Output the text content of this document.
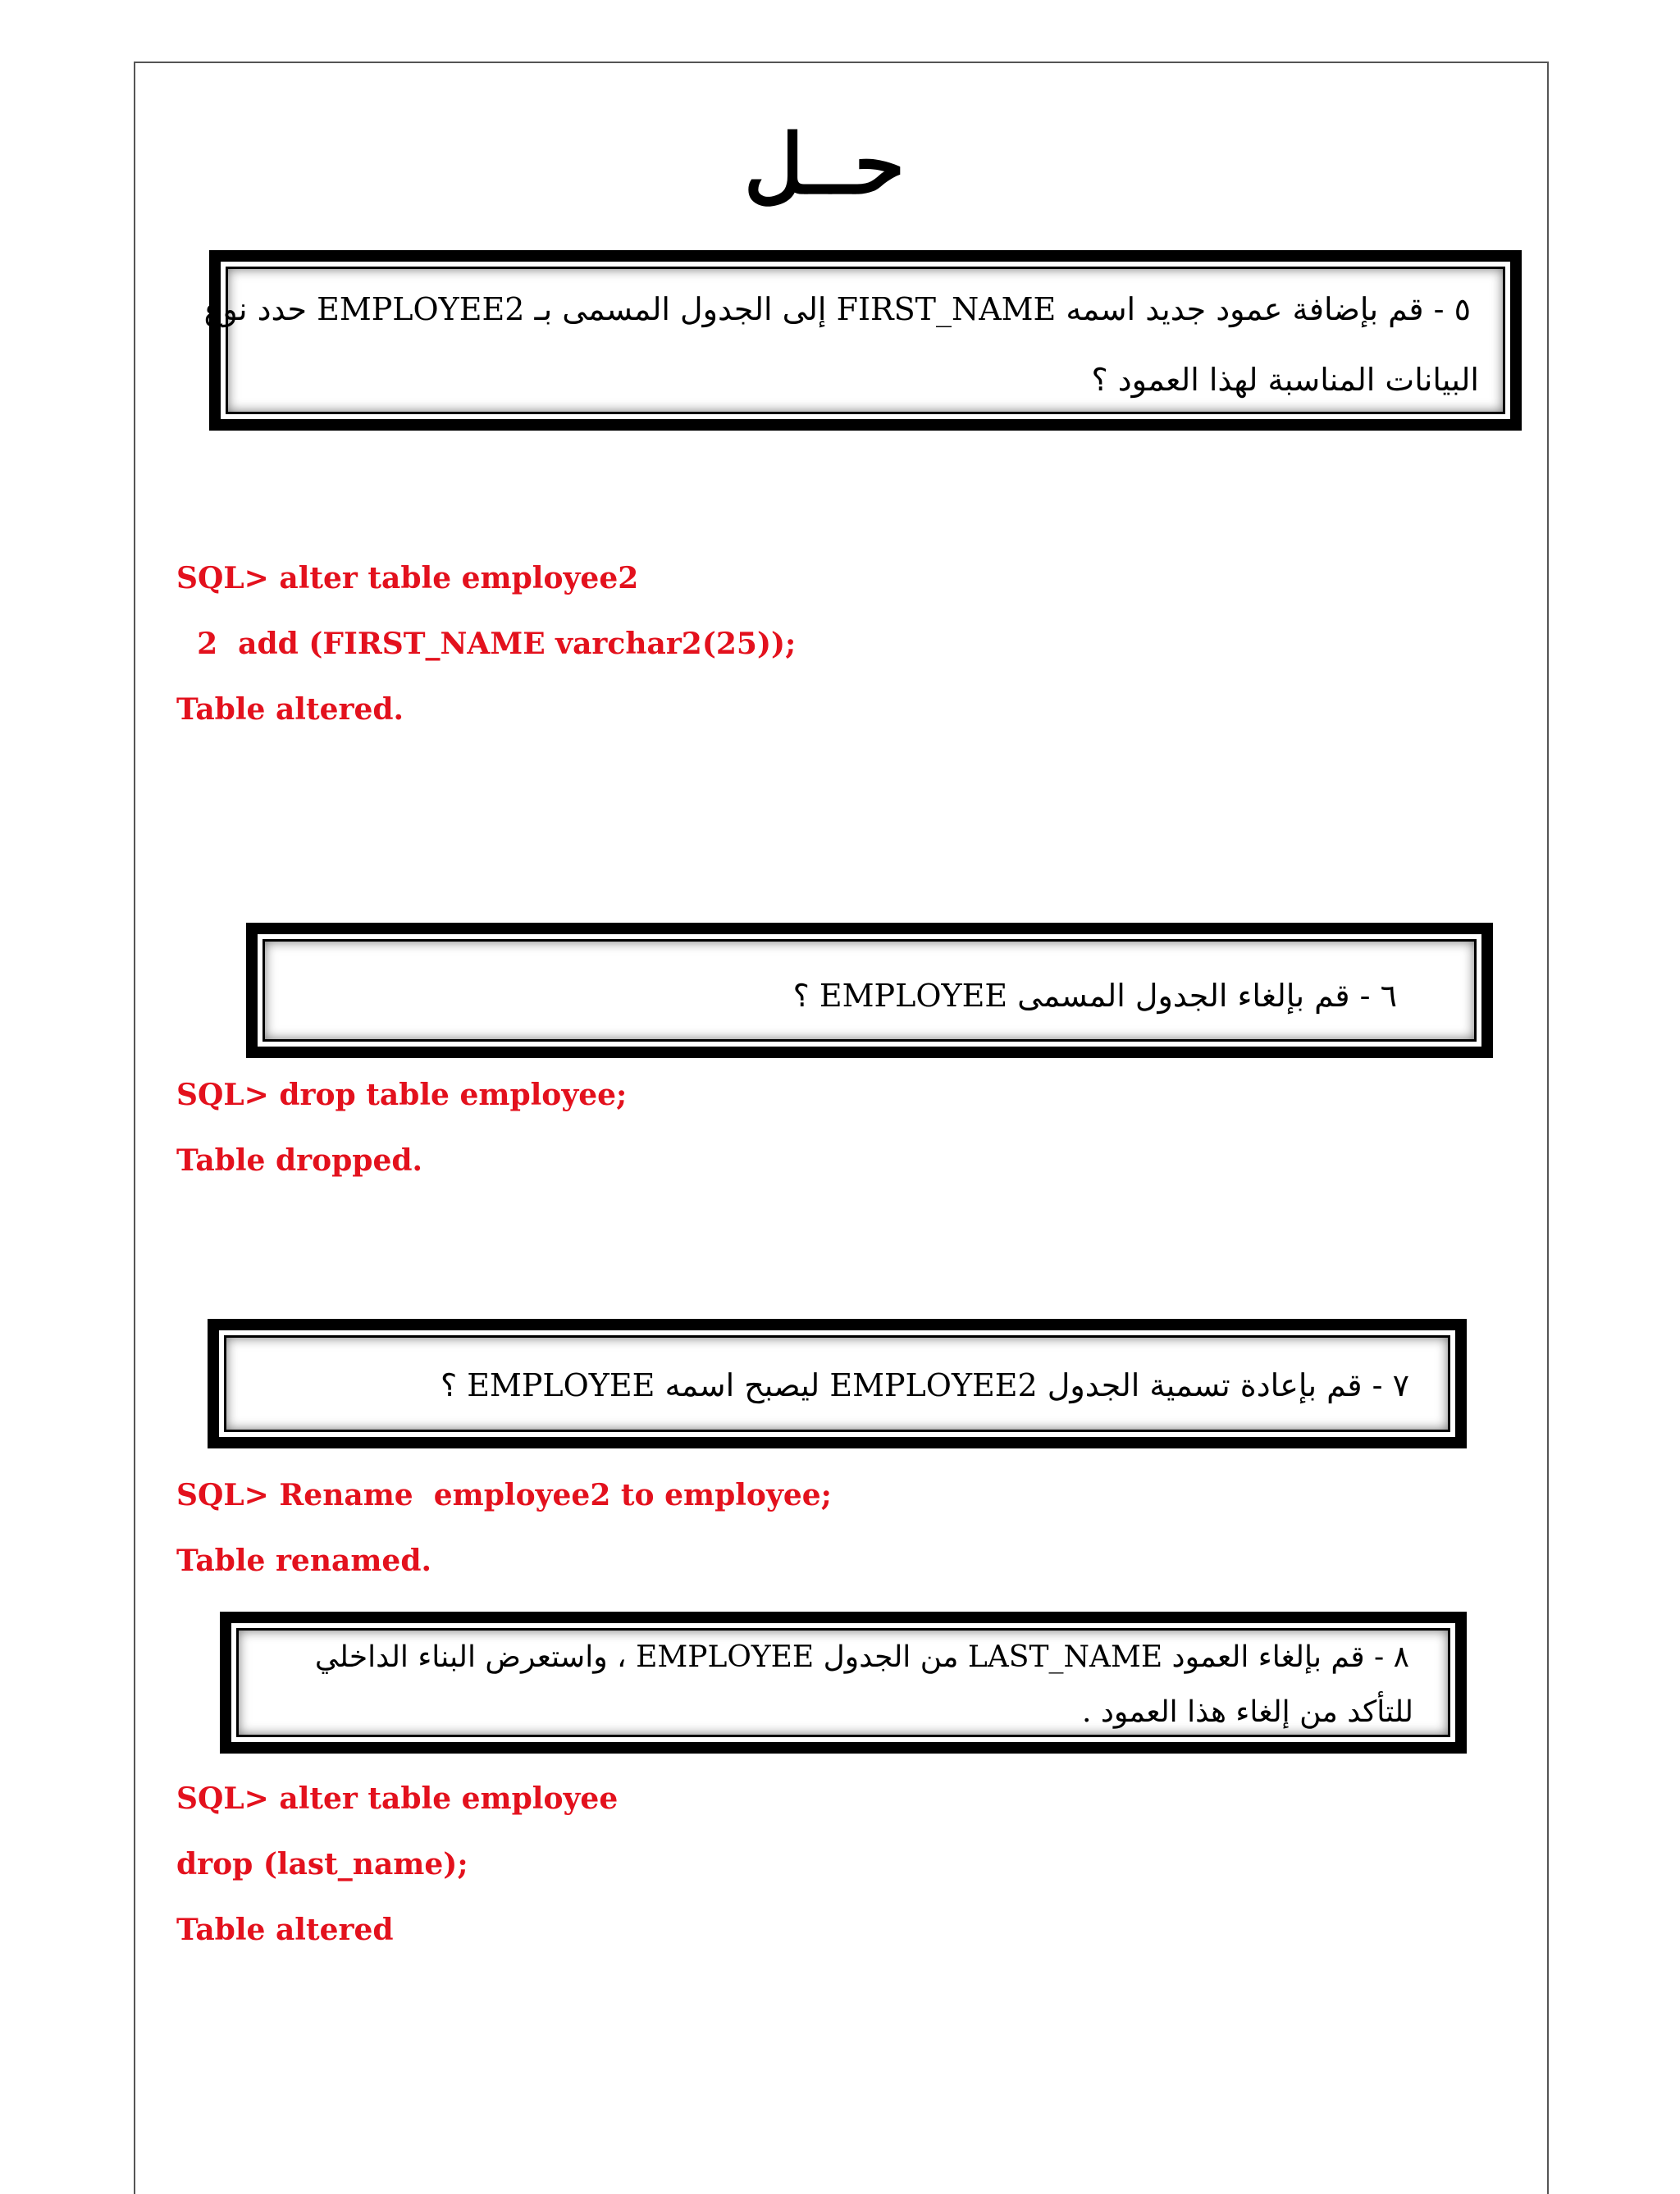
حــل
٥ - قم بإضافة عمود جديد اسمه FIRST_NAME إلى الجدول المسمى بـ EMPLOYEE2 حدد نوع
البيانات المناسبة لهذا العمود ؟
SQL> alter table employee2
2  add (FIRST_NAME varchar2(25));
Table altered.
٦ - قم بإلغاء الجدول المسمى EMPLOYEE ؟
SQL> drop table employee;
Table dropped.
٧ - قم بإعادة تسمية الجدول EMPLOYEE2 ليصبح اسمه EMPLOYEE ؟
SQL> Rename  employee2 to employee;
Table renamed.
٨ - قم بإلغاء العمود LAST_NAME من الجدول EMPLOYEE ، واستعرض البناء الداخلي
للتأكد من إلغاء هذا العمود .
SQL> alter table employee
drop (last_name);
Table altered
